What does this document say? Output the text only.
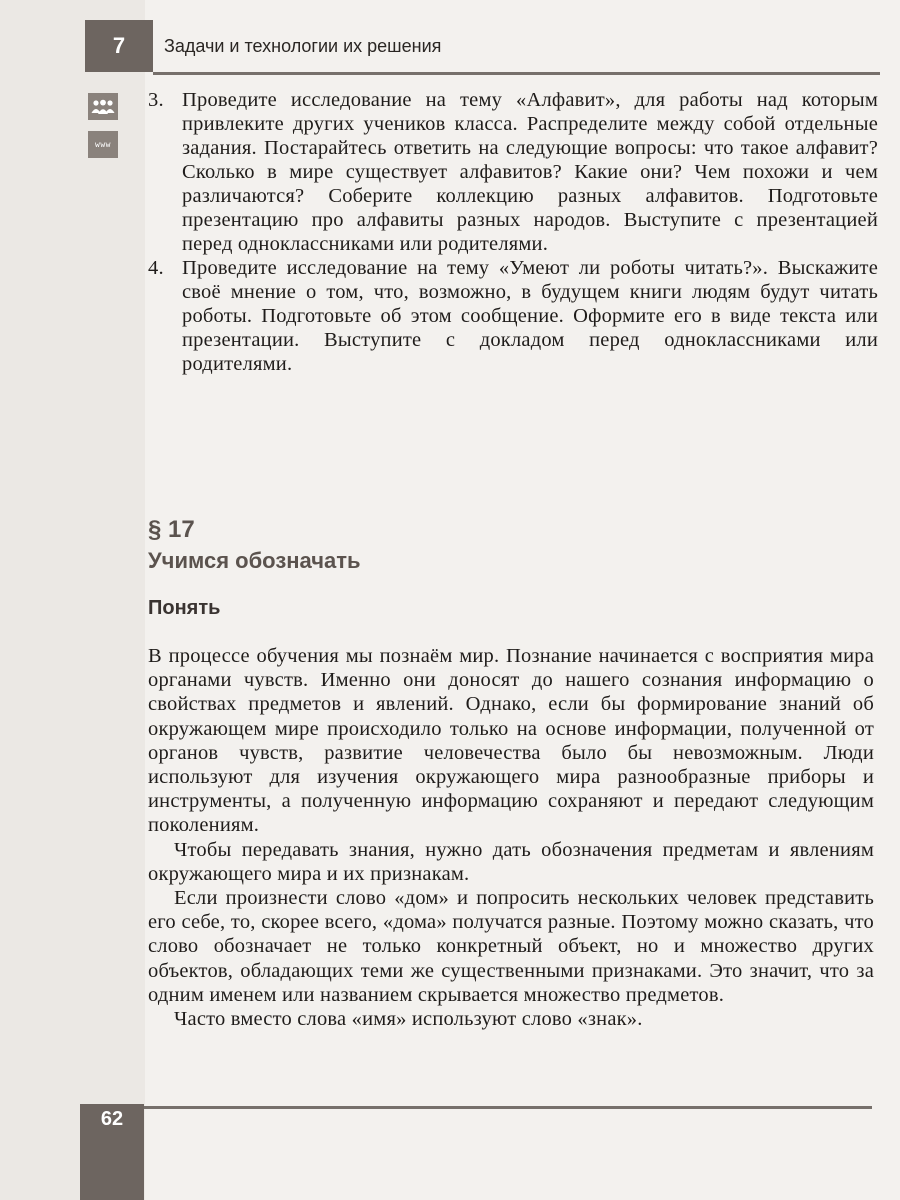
7 Задачи и технологии их решения
www
3. Проведите исследование на тему «Алфавит», для работы над которым привлеките других учеников класса. Распределите между собой отдельные задания. Постарайтесь ответить на следующие вопросы: что такое алфавит? Сколько в мире существует алфавитов? Какие они? Чем похожи и чем различаются? Соберите коллекцию разных алфавитов. Подготовьте презентацию про алфавиты разных народов. Выступите с презентацией перед одноклассниками или родителями.
4. Проведите исследование на тему «Умеют ли роботы читать?». Выскажите своё мнение о том, что, возможно, в будущем книги людям будут читать роботы. Подготовьте об этом сообщение. Оформите его в виде текста или презентации. Выступите с докладом перед одноклассниками или родителями.
§ 17
Учимся обозначать
Понять

В процессе обучения мы познаём мир. Познание начинается с восприятия мира органами чувств. Именно они доносят до нашего сознания информацию о свойствах предметов и явлений. Однако, если бы формирование знаний об окружающем мире происходило только на основе информации, полученной от органов чувств, развитие человечества было бы невозможным. Люди используют для изучения окружающего мира разнообразные приборы и инструменты, а полученную информацию сохраняют и передают следующим поколениям.

Чтобы передавать знания, нужно дать обозначения предметам и явлениям окружающего мира и их признакам.

Если произнести слово «дом» и попросить нескольких человек представить его себе, то, скорее всего, «дома» получатся разные. Поэтому можно сказать, что слово обозначает не только конкретный объект, но и множество других объектов, обладающих теми же существенными признаками. Это значит, что за одним именем или названием скрывается множество предметов.

Часто вместо слова «имя» используют слово «знак».

62
